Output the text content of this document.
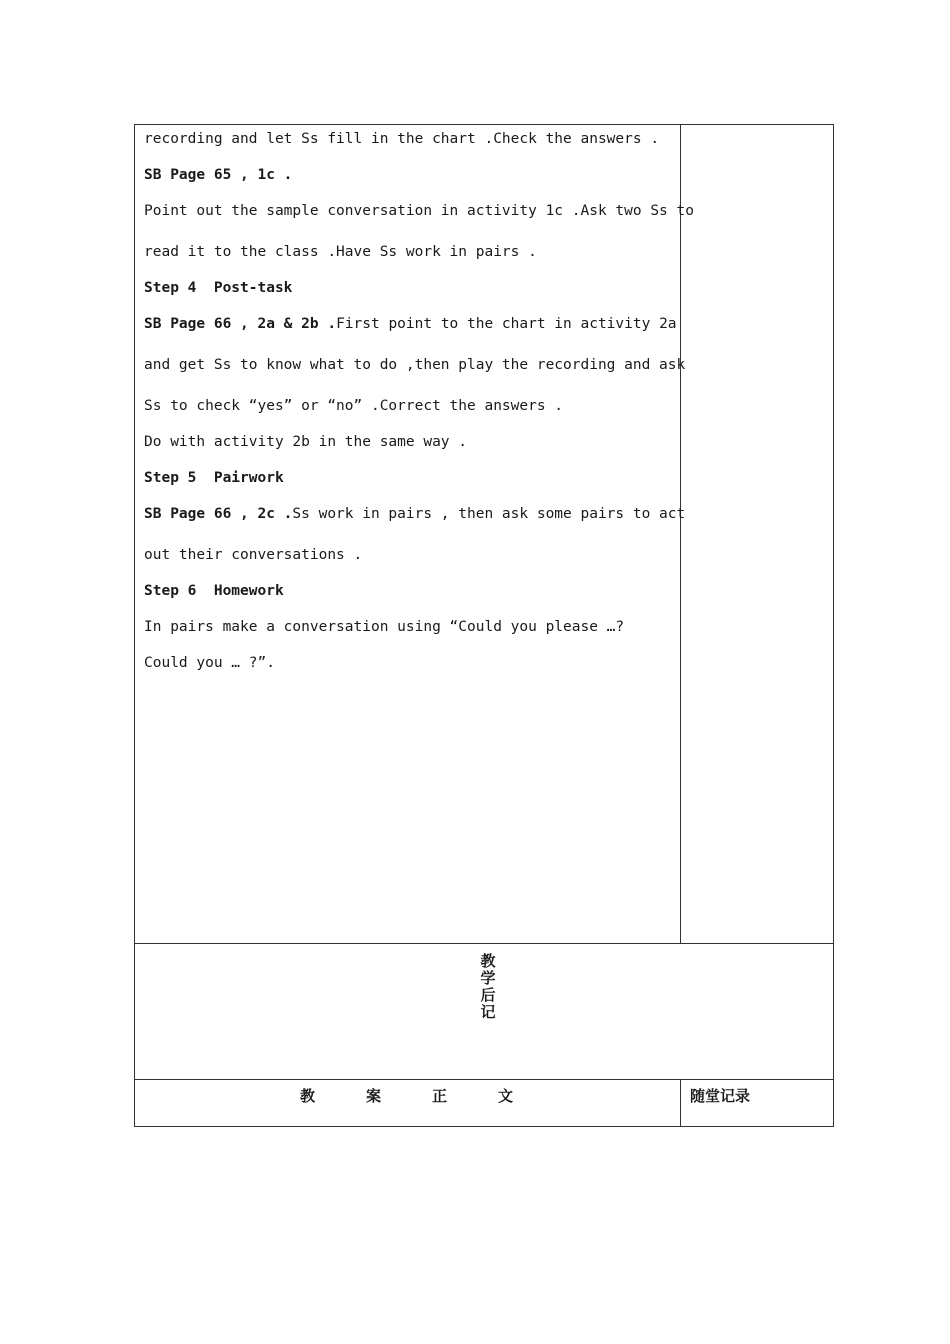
recording and let Ss fill in the chart .Check the answers .
SB Page 65 , 1c .
Point out the sample conversation in activity 1c .Ask two Ss to
read it to the class .Have Ss work in pairs .
Step 4  Post-task
SB Page 66 , 2a & 2b .First point to the chart in activity 2a
and get Ss to know what to do ,then play the recording and ask
Ss to check “yes” or “no” .Correct the answers .
Do with activity 2b in the same way .
Step 5  Pairwork
SB Page 66 , 2c .Ss work in pairs , then ask some pairs to act
out their conversations .
Step 6  Homework
In pairs make a conversation using “Could you please …?
Could you … ?”.
教学后记
教案正文	随堂记录
